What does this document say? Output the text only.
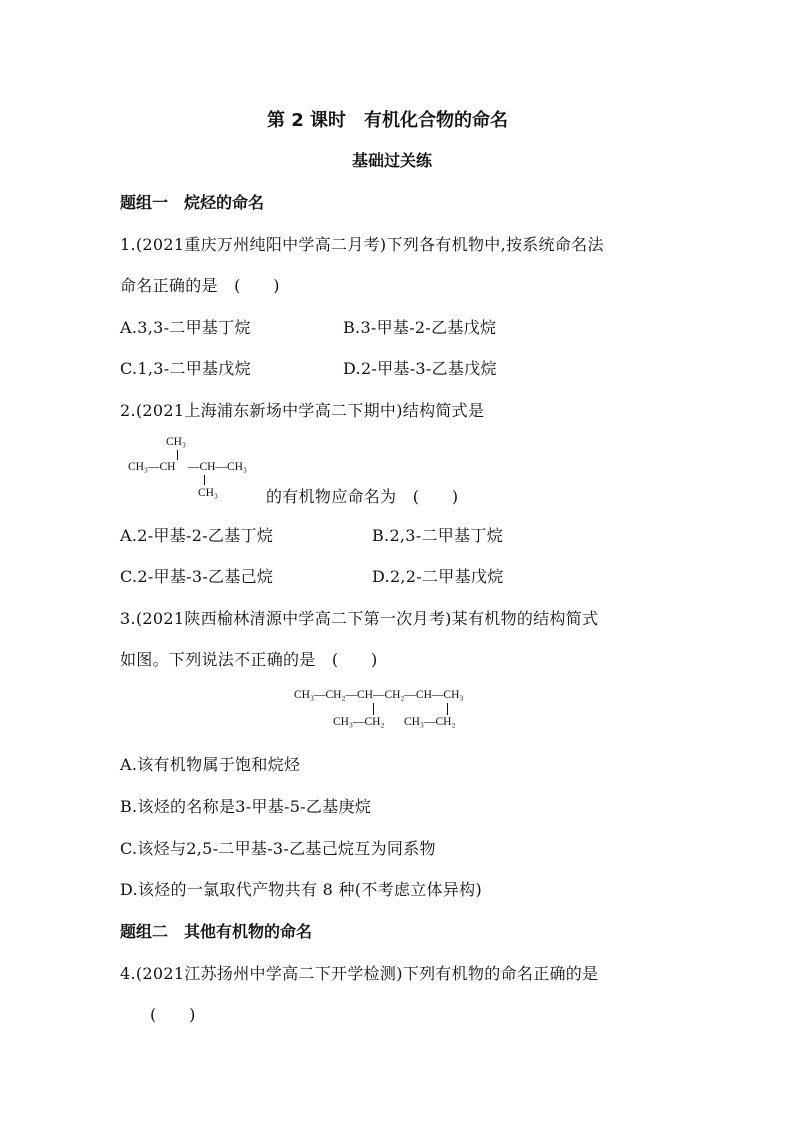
第 2 课时　有机化合物的命名
基础过关练
题组一　烷烃的命名
1.(2021重庆万州纯阳中学高二月考)下列各有机物中,按系统命名法
命名正确的是　(　　)
A.3,3-二甲基丁烷	B.3-甲基-2-乙基戊烷
C.1,3-二甲基戊烷	D.2-甲基-3-乙基戊烷
2.(2021上海浦东新场中学高二下期中)结构简式是
CH₃
CH₃—CH —CH—CH₃
CH₃	的有机物应命名为　(　　)
A.2-甲基-2-乙基丁烷	B.2,3-二甲基丁烷
C.2-甲基-3-乙基己烷	D.2,2-二甲基戊烷
3.(2021陕西榆林清源中学高二下第一次月考)某有机物的结构简式
如图。下列说法不正确的是　(　　)
CH₃—CH₂—CH—CH₂—CH—CH₃
CH₃—CH₂ CH₃—CH₂
A.该有机物属于饱和烷烃
B.该烃的名称是3-甲基-5-乙基庚烷
C.该烃与2,5-二甲基-3-乙基己烷互为同系物
D.该烃的一氯取代产物共有 8 种(不考虑立体异构)
题组二　其他有机物的命名
4.(2021江苏扬州中学高二下开学检测)下列有机物的命名正确的是
(　　)
